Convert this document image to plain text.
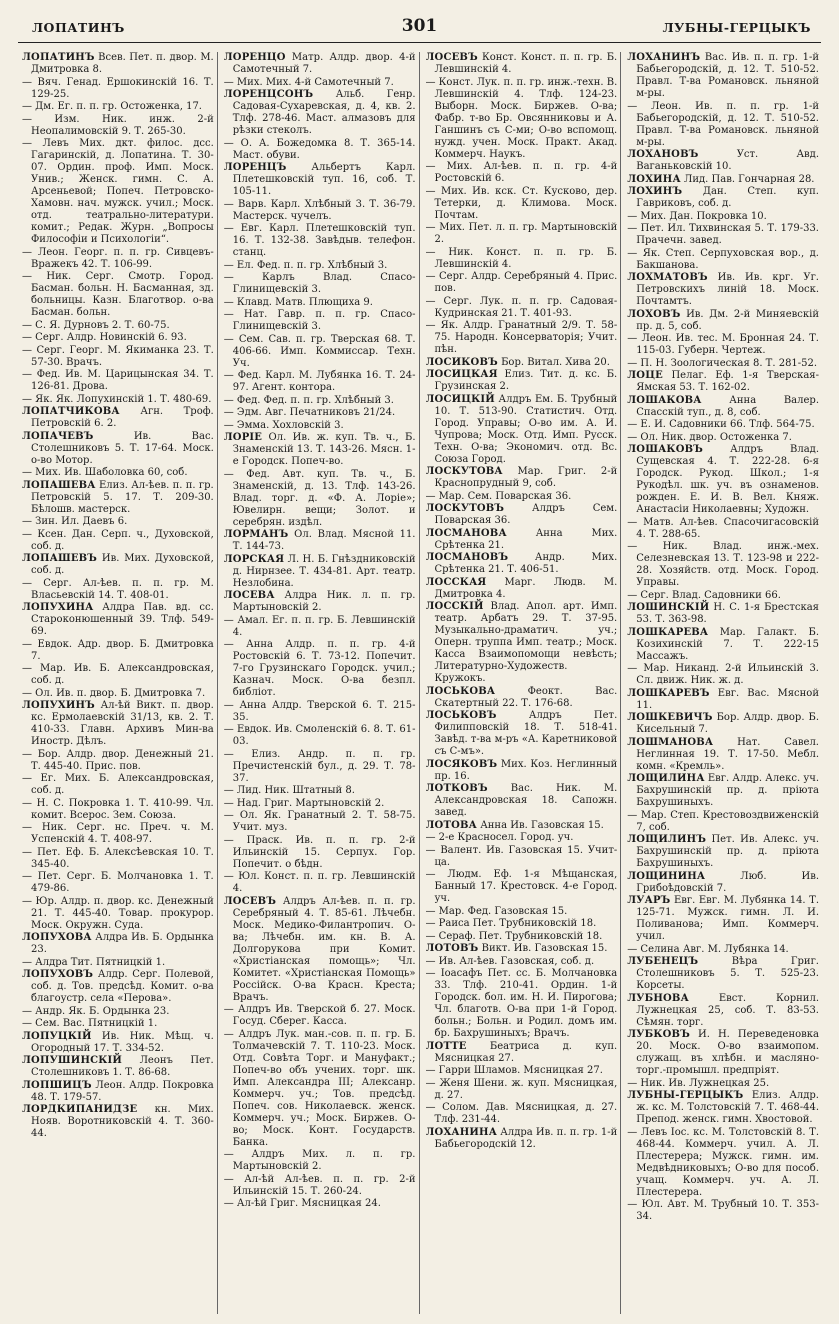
ЛОПАТИНЪ	301	ЛУБНЫ-ГЕРЦЫКЪ
ЛОПАТИНЪ Всев. Пет. п. двор. М. Дмитровка 8.
— Вяч. Генад. Ершокинскій 16. Т. 129-25.
— Дм. Ег. п. п. гр. Остоженка, 17.
— Изм. Ник. инж. 2-й Неопалимовскій 9. Т. 265-30.
— Левъ Мих. дкт. филос. дсс. Гагаринскій, д. Лопатина. Т. 30-07. Ордин. проф. Имп. Моск. Унив.; Женск. гимн. С. А. Арсеньевой; Попеч. Петровско-Хамовн. нач. мужск. учил.; Моск. отд. театрально-литератури. комит.; Редак. Журн. „Вопросы Философіи и Психологіи“.
— Леон. Георг. п. п. гр. Сивцевъ-Вражекъ 42. Т. 106-99.
— Ник. Серг. Смотр. Город. Басман. больн. Н. Басманная, зд. больницы. Казн. Благотвор. о-ва Басман. больн.
— С. Я. Дурновъ 2. Т. 60-75.
— Серг. Алдр. Новинскій 6. 93.
— Серг. Георг. М. Якиманка 23. Т. 57-30. Врачъ.
— Фед. Ив. М. Царицынская 34. Т. 126-81. Дрова.
— Як. Як. Лопухинскій 1. Т. 480-69.
ЛОПАТЧИКОВА Агн. Троф. Петровскій 6. 2.
ЛОПАЧЕВЪ Ив. Вас. Столешниковъ 5. Т. 17-64. Моск. о-во Мотор.
— Мих. Ив. Шаболовка 60, соб.
ЛОПАШЕВА Елиз. Ал-ѣев. п. п. гр. Петровскій 5. 17. Т. 209-30. Бѣлошв. мастерск.
— Зин. Ил. Даевъ 6.
— Ксен. Дан. Серп. ч., Духовской, соб. д.
ЛОПАШЕВЪ Ив. Мих. Духовской, соб. д.
— Серг. Ал-ѣев. п. п. гр. М. Власьевскій 14. Т. 408-01.
ЛОПУХИНА Алдра Пав. вд. сс. Староконюшенный 39. Тлф. 549-69.
— Евдок. Адр. двор. Б. Дмитровка 7.
— Мар. Ив. Б. Александровская, соб. д.
— Ол. Ив. п. двор. Б. Дмитровка 7.
ЛОПУХИНЪ Ал-ѣй Викт. п. двор. кс. Ермолаевскій 31/13, кв. 2. Т. 410-33. Главн. Архивъ Мин-ва Иностр. Дѣлъ.
— Бор. Алдр. двор. Денежный 21. Т. 445-40. Прис. пов.
— Ег. Мих. Б. Александровская, соб. д.
— Н. С. Покровка 1. Т. 410-99. Чл. комит. Всерос. Зем. Союза.
— Ник. Серг. нс. Преч. ч. М. Успенскій 4. Т. 408-97.
— Пет. Еф. Б. Алексѣевская 10. Т. 345-40.
— Пет. Серг. Б. Молчановка 1. Т. 479-86.
— Юр. Алдр. п. двор. кс. Денежный 21. Т. 445-40. Товар. прокурор. Моск. Окружн. Суда.
ЛОПУХОВА Алдра Ив. Б. Ордынка 23.
— Алдра Тит. Пятницкій 1.
ЛОПУХОВЪ Алдр. Серг. Полевой, соб. д. Тов. предсѣд. Комит. о-ва благоустр. села «Перова».
— Андр. Як. Б. Ордынка 23.
— Сем. Вас. Пятницкій 1.
ЛОПУЦКІЙ Ив. Ник. Мѣщ. ч. Огородный 17. Т. 334-52.
ЛОПУШИНСКІЙ Леонъ Пет. Столешниковъ 1. Т. 86-68.
ЛОПШИЦЪ Леон. Алдр. Покровка 48. Т. 179-57.
ЛОРДКИПАНИДЗЕ кн. Мих. Нояв. Воротниковскій 4. Т. 360-44.
ЛОРЕНЦО Матр. Алдр. двор. 4-й Самотечный 7.
— Мих. Мих. 4-й Самотечный 7.
ЛОРЕНЦСОНЪ Альб. Генр. Садовая-Сухаревская, д. 4, кв. 2. Тлф. 278-46. Маст. алмазовъ для рѣзки стеколъ.
— О. А. Божедомка 8. Т. 365-14. Маст. обуви.
ЛОРЕНЦЪ Альбертъ Карл. Плетешковскій туп. 16, соб. Т. 105-11.
— Варв. Карл. Хлѣбный 3. Т. 36-79. Мастерск. чучелъ.
— Евг. Карл. Плетешковскій туп. 16. Т. 132-38. Завѣдыв. телефон. станц.
— Ел. Фед. п. п. гр. Хлѣбный 3.
— Карлъ Влад. Спасо-Глинищевскій 3.
— Клавд. Матв. Плющиха 9.
— Нат. Гавр. п. п. гр. Спасо-Глинищевскій 3.
— Сем. Сав. п. гр. Тверская 68. Т. 406-66. Имп. Коммиссар. Техн. Уч.
— Фед. Карл. М. Лубянка 16. Т. 24-97. Агент. контора.
— Фед. Фед. п. п. гр. Хлѣбный 3.
— Эдм. Авг. Печатниковъ 21/24.
— Эмма. Хохловскій 3.
ЛОРІЕ Ол. Ив. ж. куп. Тв. ч., Б. Знаменскій 13. Т. 143-26. Мясн. 1-е Городск. Попеч-во.
— Фед. Авт. куп. Тв. ч., Б. Знаменскій, д. 13. Тлф. 143-26. Влад. торг. д. «Ф. А. Лоріе»; Ювелирн. вещи; Золот. и серебрян. издѣл.
ЛОРМАНЪ Ол. Влад. Мясной 11. Т. 144-73.
ЛОРСКАЯ Л. Н. Б. Гнѣздниковскій д. Нирнзее. Т. 434-81. Арт. театр. Незлобина.
ЛОСЕВА Алдра Ник. л. п. гр. Мартыновскій 2.
— Амал. Ег. п. п. гр. Б. Левшинскій 4.
— Анна Алдр. п. п. гр. 4-й Ростовскій 6. Т. 73-12. Попечит. 7-го Грузинскаго Городск. учил.; Казнач. Моск. О-ва безпл. библіот.
— Анна Алдр. Тверской 6. Т. 215-35.
— Евдок. Ив. Смоленскій 6. 8. Т. 61-03.
— Елиз. Андр. п. п. гр. Пречистенскій бул., д. 29. Т. 78-37.
— Лид. Ник. Штатный 8.
— Над. Григ. Мартыновскій 2.
— Ол. Як. Гранатный 2. Т. 58-75. Учит. муз.
— Праск. Ив. п. п. гр. 2-й Ильинскій 15. Серпух. Гор. Попечит. о бѣдн.
— Юл. Конст. п. п. гр. Левшинскій 4.
ЛОСЕВЪ Алдръ Ал-ѣев. п. п. гр. Серебряный 4. Т. 85-61. Лѣчебн. Моск. Медико-Филантропич. О-ва; Лѣчебн. им. кн. В. А. Долгорукова при Комит. «Христіанская помощь»; Чл. Комитет. «Христіанская Помощь» Россійск. О-ва Красн. Креста; Врачъ.
— Алдръ Ив. Тверской б. 27. Моск. Госуд. Сберег. Касса.
— Алдръ Лук. ман.-сов. п. п. гр. Б. Толмачевскій 7. Т. 110-23. Моск. Отд. Совѣта Торг. и Мануфакт.; Попеч-во объ учених. торг. шк. Имп. Александра III; Алексанр. Коммерч. уч.; Тов. предсѣд. Попеч. сов. Николаевск. женск. Коммерч. уч.; Моск. Биржев. О-во; Моск. Конт. Государств. Банка.
— Алдръ Мих. л. п. гр. Мартыновскій 2.
— Ал-ѣй Ал-ѣев. п. п. гр. 2-й Ильинскій 15. Т. 260-24.
— Ал-ѣй Григ. Мясницкая 24.
ЛОСЕВЪ Конст. Конст. п. п. гр. Б. Левшинскій 4.
— Конст. Лук. п. п. гр. инж.-техн. В. Левшинскій 4. Тлф. 124-23. Выборн. Моск. Биржев. О-ва; Фабр. т-во Бр. Овсянниковы и А. Ганшинъ съ С-ми; О-во вспомощ. нужд. учен. Моск. Практ. Акад. Коммерч. Наукъ.
— Мих. Ал-ѣев. п. п. гр. 4-й Ростовскій 6.
— Мих. Ив. кск. Ст. Кусково, дер. Тетерки, д. Климова. Моск. Почтам.
— Мих. Пет. л. п. гр. Мартыновскій 2.
— Ник. Конст. п. п. гр. Б. Левшинскій 4.
— Серг. Алдр. Серебряный 4. Прис. пов.
— Серг. Лук. п. п. гр. Садовая-Кудринская 21. Т. 401-93.
— Як. Алдр. Гранатный 2/9. Т. 58-75. Народн. Консерваторія; Учит. пѣн.
ЛОСИКОВЪ Бор. Витал. Хива 20.
ЛОСИЦКАЯ Елиз. Тит. д. кс. Б. Грузинская 2.
ЛОСИЦКІЙ Алдръ Ем. Б. Трубный 10. Т. 513-90. Статистич. Отд. Город. Управы; О-во им. А. И. Чупрова; Моск. Отд. Имп. Русск. Техн. О-ва; Экономич. отд. Вс. Союза Город.
ЛОСКУТОВА Мар. Григ. 2-й Краснопрудный 9, соб.
— Мар. Сем. Поварская 36.
ЛОСКУТОВЪ Алдръ Сем. Поварская 36.
ЛОСМАНОВА Анна Мих. Срѣтенка 21.
ЛОСМАНОВЪ Андр. Мих. Срѣтенка 21. Т. 406-51.
ЛОССКАЯ Марг. Людв. М. Дмитровка 4.
ЛОССКІЙ Влад. Апол. арт. Имп. театр. Арбатъ 29. Т. 37-95. Музыкально-драматич. уч.; Оперн. труппа Имп. театр.; Моск. Касса Взаимопомощи невѣсть; Литературно-Художеств. Кружокъ.
ЛОСЬКОВА Феокт. Вас. Скатертный 22. Т. 176-68.
ЛОСЬКОВЪ Алдръ Пет. Филипповскій 18. Т. 518-41. Завѣд. т-ва м-ръ «А. Каретниковой съ С-мъ».
ЛОСЯКОВЪ Мих. Коз. Неглинный пр. 16.
ЛОТКОВЪ Вас. Ник. М. Александровская 18. Сапожн. завед.
ЛОТОВА Анна Ив. Газовская 15.
— 2-е Красносел. Город. уч.
— Валент. Ив. Газовская 15. Учит-ца.
— Людм. Еф. 1-я Мѣщанская, Банный 17. Крестовск. 4-е Город. уч.
— Мар. Фед. Газовская 15.
— Раиса Пет. Трубниковскій 18.
— Сераф. Пет. Трубниковскій 18.
ЛОТОВЪ Викт. Ив. Газовская 15.
— Ив. Ал-ѣев. Газовская, соб. д.
— Іоасафъ Пет. сс. Б. Молчановка 33. Тлф. 210-41. Ордин. 1-й Городск. бол. им. Н. И. Пирогова; Чл. благотв. О-ва при 1-й Город. больн.; Больн. и Родил. домъ им. бр. Бахрушиныхъ; Врачъ.
ЛОТТЕ Беатриса д. куп. Мясницкая 27.
— Гарри Шламов. Мясницкая 27.
— Женя Шени. ж. куп. Мясницкая, д. 27.
— Солом. Дав. Мясницкая, д. 27. Тлф. 231-44.
ЛОХАНИНА Алдра Ив. п. п. гр. 1-й Бабьегородскій 12.
ЛОХАНИНЪ Вас. Ив. п. п. гр. 1-й Бабьегородскій, д. 12. Т. 510-52. Правл. Т-ва Романовск. льняной м-ры.
— Леон. Ив. п. п. гр. 1-й Бабьегородскій, д. 12. Т. 510-52. Правл. Т-ва Романовск. льняной м-ры.
ЛОХАНОВЪ Уст. Авд. Ваганьковскій 10.
ЛОХИНА Лид. Пав. Гончарная 28.
ЛОХИНЪ Дан. Степ. куп. Гавриковъ, соб. д.
— Мих. Дан. Покровка 10.
— Пет. Ил. Тихвинская 5. Т. 179-33. Прачечн. завед.
— Як. Степ. Серпуховская вор., д. Бакшанова.
ЛОХМАТОВЪ Ив. Ив. крг. Уг. Петровскихъ линій 18. Моск. Почтамтъ.
ЛОХОВЪ Ив. Дм. 2-й Миняевскій пр. д. 5, соб.
— Леон. Ив. тес. М. Бронная 24. Т. 115-03. Губерн. Чертеж.
— П. Н. Зоологическая 8. Т. 281-52.
ЛОЦЕ Пелаг. Еф. 1-я Тверская-Ямская 53. Т. 162-02.
ЛОШАКОВА Анна Валер. Спасскій туп., д. 8, соб.
— Е. И. Садовники 66. Тлф. 564-75.
— Ол. Ник. двор. Остоженка 7.
ЛОШАКОВЪ Алдръ Влад. Сущевская 4. Т. 222-28. 6-я Городск. Рукод. Школ.; 1-я Рукодѣл. шк. уч. въ ознаменов. рожден. Е. И. В. Вел. Княж. Анастасіи Николаевны; Художн.
— Матв. Ал-ѣев. Спасочигасовскій 4. Т. 288-65.
— Ник. Влад. инж.-мех. Селезневская 13. Т. 123-98 и 222-28. Хозяйств. отд. Моск. Город. Управы.
— Серг. Влад. Садовники 66.
ЛОШИНСКІЙ Н. С. 1-я Брестская 53. Т. 363-98.
ЛОШКАРЕВА Мар. Галакт. Б. Козихинскій 7. Т. 222-15 Массажъ.
— Мар. Никанд. 2-й Ильинскій 3. Сл. движ. Ник. ж. д.
ЛОШКАРЕВЪ Евг. Вас. Мясной 11.
ЛОШКЕВИЧЪ Бор. Алдр. двор. Б. Кисельный 7.
ЛОШМАНОВА Нат. Савел. Неглинная 19. Т. 17-50. Мебл. комн. «Кремль».
ЛОЩИЛИНА Евг. Алдр. Алекс. уч. Бахрушинскій пр. д. пріюта Бахрушиныхъ.
— Мар. Степ. Крестовоздвиженскій 7, соб.
ЛОЩИЛИНЪ Пет. Ив. Алекс. уч. Бахрушинскій пр. д. пріюта Бахрушиныхъ.
ЛОЩИНИНА Люб. Ив. Грибоѣдовскій 7.
ЛУАРЪ Евг. Евг. М. Лубянка 14. Т. 125-71. Мужск. гимн. Л. И. Поливанова; Имп. Коммерч. учил.
— Селина Авг. М. Лубянка 14.
ЛУБЕНЕЦЪ Вѣра Григ. Столешниковъ 5. Т. 525-23. Корсеты.
ЛУБНОВА Евст. Корнил. Лужнецкая 25, соб. Т. 83-53. Сѣмян. торг.
ЛУБКОВЪ И. Н. Переведеновка 20. Моск. О-во взаимопом. служащ. въ хлѣбн. и масляно-торг.-промышл. предпріят.
— Ник. Ив. Лужнецкая 25.
ЛУБНЫ-ГЕРЦЫКЪ Елиз. Алдр. ж. кс. М. Толстовскій 7. Т. 468-44. Препод. женск. гимн. Хвостовой.
— Левъ Іос. кс. М. Толстовскій 8. Т. 468-44. Коммерч. учил. А. Л. Плестерера; Мужск. гимн. им. Медвѣдниковыхъ; О-во для пособ. учащ. Коммерч. уч. А. Л. Плестерера.
— Юл. Авт. М. Трубный 10. Т. 353-34.
